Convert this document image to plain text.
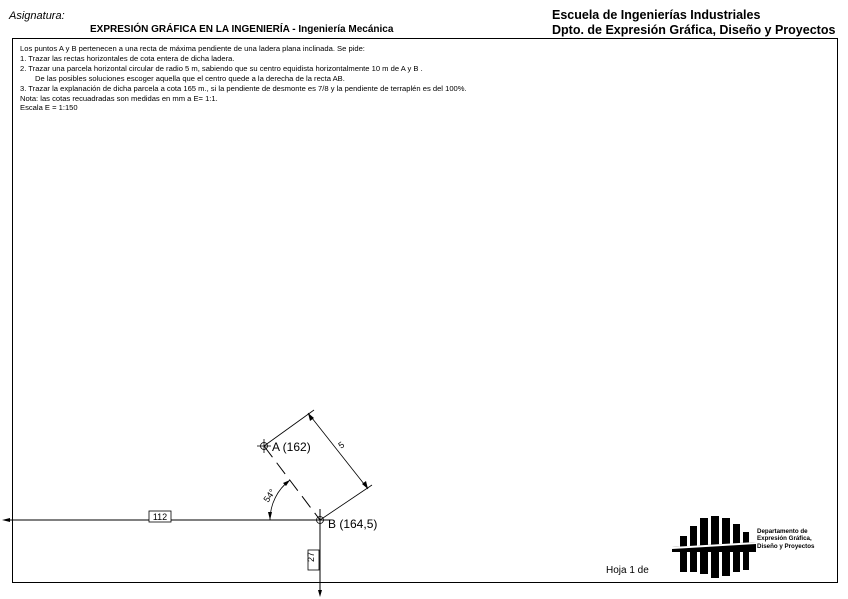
Asignatura:
EXPRESIÓN GRÁFICA EN LA INGENIERÍA - Ingeniería Mecánica
Escuela de Ingenierías Industriales
Dpto. de Expresión Gráfica, Diseño y Proyectos
Los puntos A y B pertenecen a una recta de máxima pendiente de una ladera plana inclinada. Se pide:
1. Trazar las rectas horizontales de cota entera de dicha ladera.
2. Trazar una parcela horizontal circular de radio 5 m, sabiendo que su centro equidista horizontalmente 10 m de A y B .
De las posibles soluciones escoger aquella que el centro quede a la derecha de la recta AB.
3. Trazar la explanación de dicha parcela a cota 165 m., si la pendiente de desmonte es 7/8 y la pendiente de terraplén es del 100%.
Nota: las cotas recuadradas son medidas en mm a E= 1:1.
Escala E = 1:150
A (162)
B (164,5)
5
54°
112
27
Hoja 1 de
Departamento de
Expresión Gráfica,
Diseño y Proyectos
